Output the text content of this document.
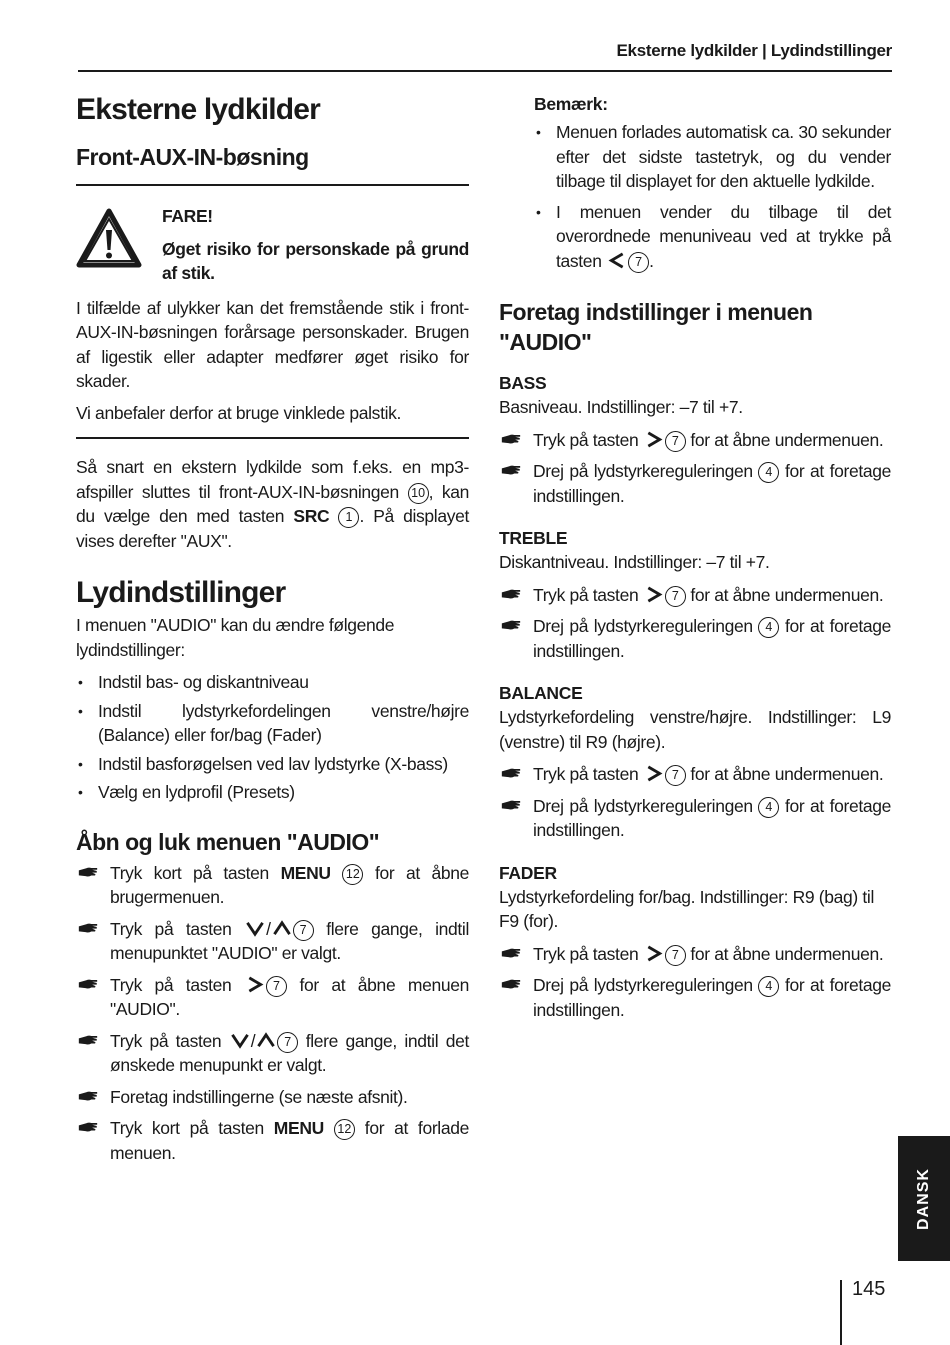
Eksterne lydkilder | Lydindstillinger
Eksterne lydkilder
Front-AUX-IN-bøsning

FARE!

Øget risiko for personskade på grund af stik.

I tilfælde af ulykker kan det fremstående stik i front-AUX-IN-bøsningen forårsage personskader. Brugen af ligestik eller adapter medfører øget risiko for skader.

Vi anbefaler derfor at bruge vinklede palstik.

Så snart en ekstern lydkilde som f.eks. en mp3-afspiller sluttes til front-AUX-IN-bøsningen 10 , kan du vælge den med tasten SRC 1 . På displayet vises derefter "AUX".

Lydindstillinger

I menuen "AUDIO" kan du ændre følgende lydindstillinger:

• Indstil bas- og diskantniveau
• Indstil lydstyrkefordelingen venstre/højre (Balance) eller for/bag (Fader)
• Indstil basforøgelsen ved lav lydstyrke (X-bass)
• Vælg en lydprofil (Presets)
Åbn og luk menuen "AUDIO"
Tryk kort på tasten MENU 12 for at åbne brugermenuen.
Tryk på tasten / 7 flere gange, indtil menupunktet "AUDIO" er valgt.
Tryk på tasten 7 for at åbne menuen "AUDIO".
Tryk på tasten / 7 flere gange, indtil det ønskede menupunkt er valgt.
Foretag indstillingerne (se næste afsnit).
Tryk kort på tasten MENU 12 for at forlade menuen.
Bemærk:
• Menuen forlades automatisk ca. 30 sekunder efter det sidste tastetryk, og du vender tilbage til displayet for den aktuelle lydkilde.
• I menuen vender du tilbage til det overordnede menuniveau ved at trykke på tasten 7 .
Foretag indstillinger i menuen "AUDIO"
BASS

Basniveau. Indstillinger: –7 til +7.

Tryk på tasten 7 for at åbne undermenuen.
Drej på lydstyrkereguleringen 4 for at foretage indstillingen.
TREBLE

Diskantniveau. Indstillinger: –7 til +7.

Tryk på tasten 7 for at åbne undermenuen.
Drej på lydstyrkereguleringen 4 for at foretage indstillingen.
BALANCE

Lydstyrkefordeling venstre/højre. Indstillinger: L9 (venstre) til R9 (højre).

Tryk på tasten 7 for at åbne undermenuen.
Drej på lydstyrkereguleringen 4 for at foretage indstillingen.
FADER

Lydstyrkefordeling for/bag. Indstillinger: R9 (bag) til F9 (for).

Tryk på tasten 7 for at åbne undermenuen.
Drej på lydstyrkereguleringen 4 for at foretage indstillingen.
DANSK
145
